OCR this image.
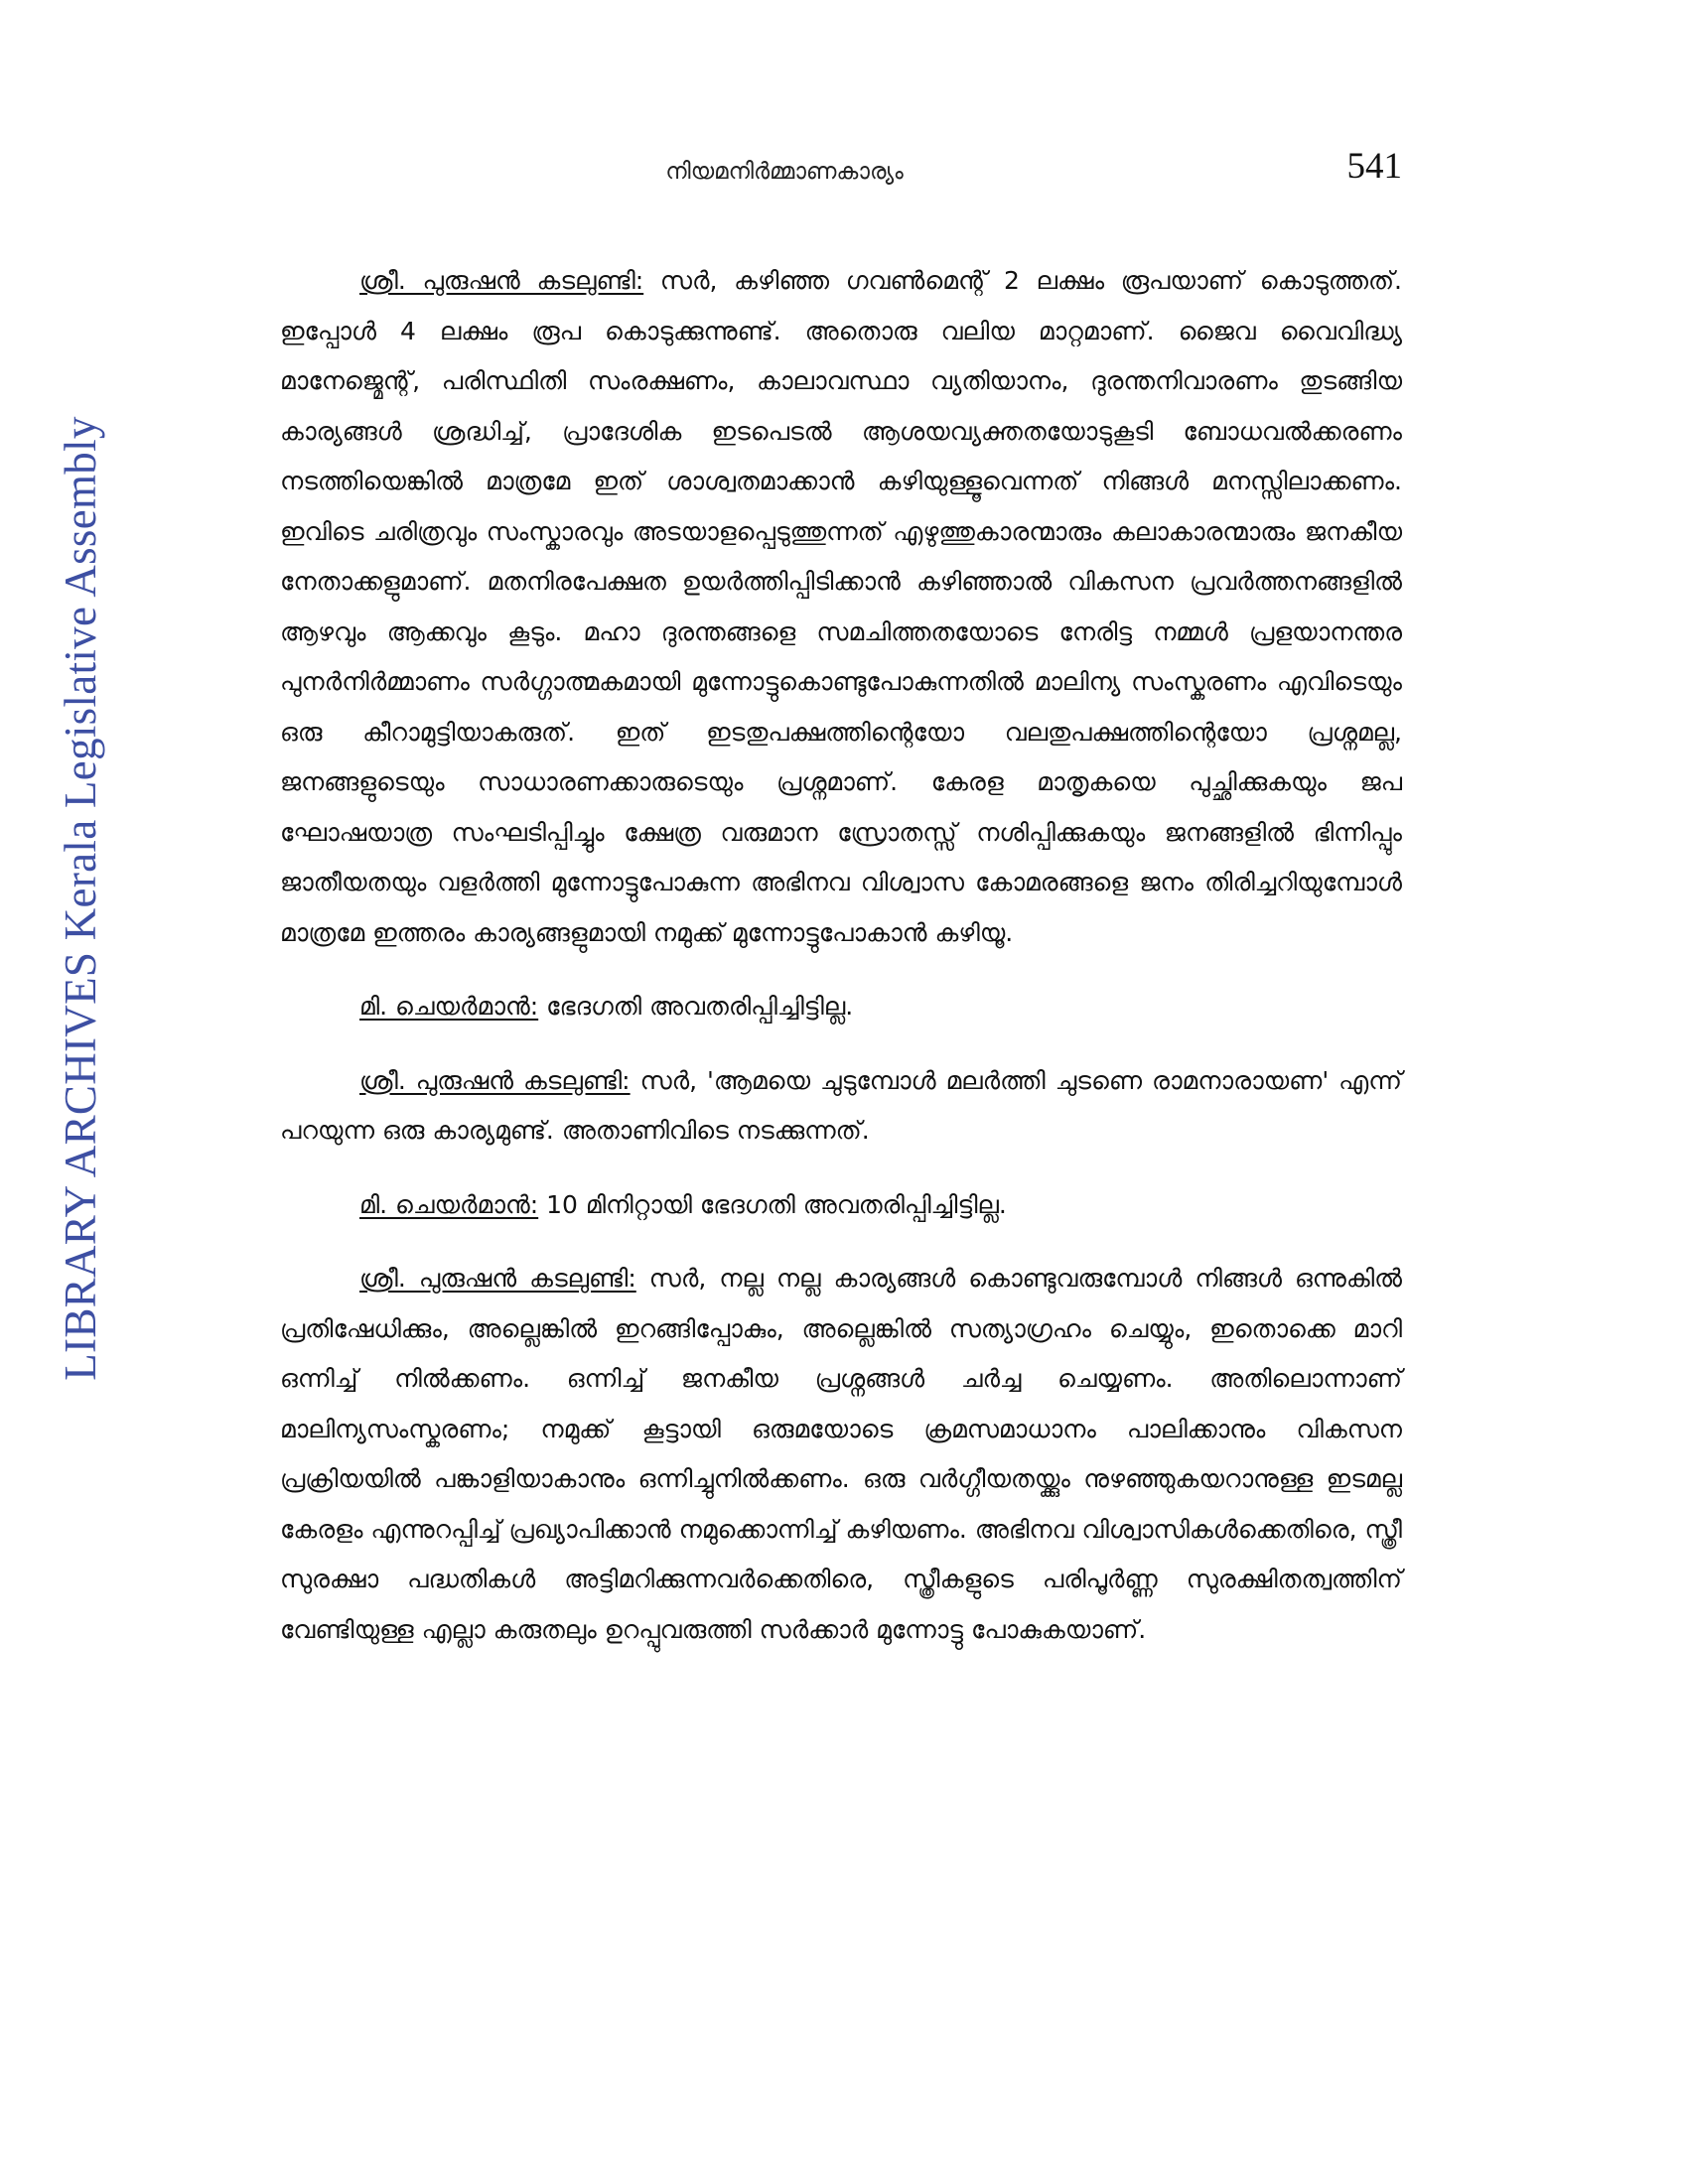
LIBRARY ARCHIVES Kerala Legislative Assembly
നിയമനിർമ്മാണകാര്യം	541

ശ്രീ. പുരുഷൻ കടലുണ്ടി: സർ, കഴിഞ്ഞ ഗവൺമെന്റ് 2 ലക്ഷം രൂപയാണ് കൊടുത്തത്. ഇപ്പോൾ 4 ലക്ഷം രൂപ കൊടുക്കുന്നുണ്ട്. അതൊരു വലിയ മാറ്റമാണ്. ജൈവ വൈവിദ്ധ്യ മാനേജ്മെന്റ്, പരിസ്ഥിതി സംരക്ഷണം, കാലാവസ്ഥാ വ്യതിയാനം, ദുരന്തനിവാരണം തുടങ്ങിയ കാര്യങ്ങൾ ശ്രദ്ധിച്ച്, പ്രാദേശിക ഇടപെടൽ ആശയവ്യക്തതയോടുകൂടി ബോധവൽക്കരണം നടത്തിയെങ്കിൽ മാത്രമേ ഇത് ശാശ്വതമാക്കാൻ കഴിയുള്ളൂവെന്നത് നിങ്ങൾ മനസ്സിലാക്കണം. ഇവിടെ ചരിത്രവും സംസ്കാരവും അടയാളപ്പെടുത്തുന്നത് എഴുത്തുകാരന്മാരും കലാകാരന്മാരും ജനകീയ നേതാക്കളുമാണ്. മതനിരപേക്ഷത ഉയർത്തിപ്പിടിക്കാൻ കഴിഞ്ഞാൽ വികസന പ്രവർത്തനങ്ങളിൽ ആഴവും ആക്കവും കൂടും. മഹാ ദുരന്തങ്ങളെ സമചിത്തതയോടെ നേരിട്ട നമ്മൾ പ്രളയാനന്തര പുനർനിർമ്മാണം സർഗ്ഗാത്മകമായി മുന്നോട്ടുകൊണ്ടുപോകുന്നതിൽ മാലിന്യ സംസ്കരണം എവിടെയും ഒരു കീറാമുട്ടിയാകരുത്. ഇത് ഇടതുപക്ഷത്തിന്റെയോ വലതുപക്ഷത്തിന്റെയോ പ്രശ്നമല്ല, ജനങ്ങളുടെയും സാധാരണക്കാരുടെയും പ്രശ്നമാണ്. കേരള മാതൃകയെ പുച്ഛിക്കുകയും ജപ ഘോഷയാത്ര സംഘടിപ്പിച്ചും ക്ഷേത്ര വരുമാന സ്രോതസ്സ് നശിപ്പിക്കുകയും ജനങ്ങളിൽ ഭിന്നിപ്പും ജാതീയതയും വളർത്തി മുന്നോട്ടുപോകുന്ന അഭിനവ വിശ്വാസ കോമരങ്ങളെ ജനം തിരിച്ചറിയുമ്പോൾ മാത്രമേ ഇത്തരം കാര്യങ്ങളുമായി നമുക്ക് മുന്നോട്ടുപോകാൻ കഴിയൂ.

മി. ചെയർമാൻ: ഭേദഗതി അവതരിപ്പിച്ചിട്ടില്ല.

ശ്രീ. പുരുഷൻ കടലുണ്ടി: സർ, 'ആമയെ ചുടുമ്പോൾ മലർത്തി ചുടണെ രാമനാരായണ' എന്ന് പറയുന്ന ഒരു കാര്യമുണ്ട്. അതാണിവിടെ നടക്കുന്നത്.

മി. ചെയർമാൻ: 10 മിനിറ്റായി ഭേദഗതി അവതരിപ്പിച്ചിട്ടില്ല.

ശ്രീ. പുരുഷൻ കടലുണ്ടി: സർ, നല്ല നല്ല കാര്യങ്ങൾ കൊണ്ടുവരുമ്പോൾ നിങ്ങൾ ഒന്നുകിൽ പ്രതിഷേധിക്കും, അല്ലെങ്കിൽ ഇറങ്ങിപ്പോകും, അല്ലെങ്കിൽ സത്യാഗ്രഹം ചെയ്യും, ഇതൊക്കെ മാറി ഒന്നിച്ച് നിൽക്കണം. ഒന്നിച്ച് ജനകീയ പ്രശ്നങ്ങൾ ചർച്ച ചെയ്യണം. അതിലൊന്നാണ് മാലിന്യസംസ്കരണം; നമുക്ക് കൂട്ടായി ഒരുമയോടെ ക്രമസമാധാനം പാലിക്കാനും വികസന പ്രക്രിയയിൽ പങ്കാളിയാകാനും ഒന്നിച്ചുനിൽക്കണം. ഒരു വർഗ്ഗീയതയ്ക്കും നുഴഞ്ഞുകയറാനുള്ള ഇടമല്ല കേരളം എന്നുറപ്പിച്ച് പ്രഖ്യാപിക്കാൻ നമുക്കൊന്നിച്ച് കഴിയണം. അഭിനവ വിശ്വാസികൾക്കെതിരെ, സ്ത്രീ സുരക്ഷാ പദ്ധതികൾ അട്ടിമറിക്കുന്നവർക്കെതിരെ, സ്ത്രീകളുടെ പരിപൂർണ്ണ സുരക്ഷിതത്വത്തിന് വേണ്ടിയുള്ള എല്ലാ കരുതലും ഉറപ്പുവരുത്തി സർക്കാർ മുന്നോട്ടു പോകുകയാണ്.
